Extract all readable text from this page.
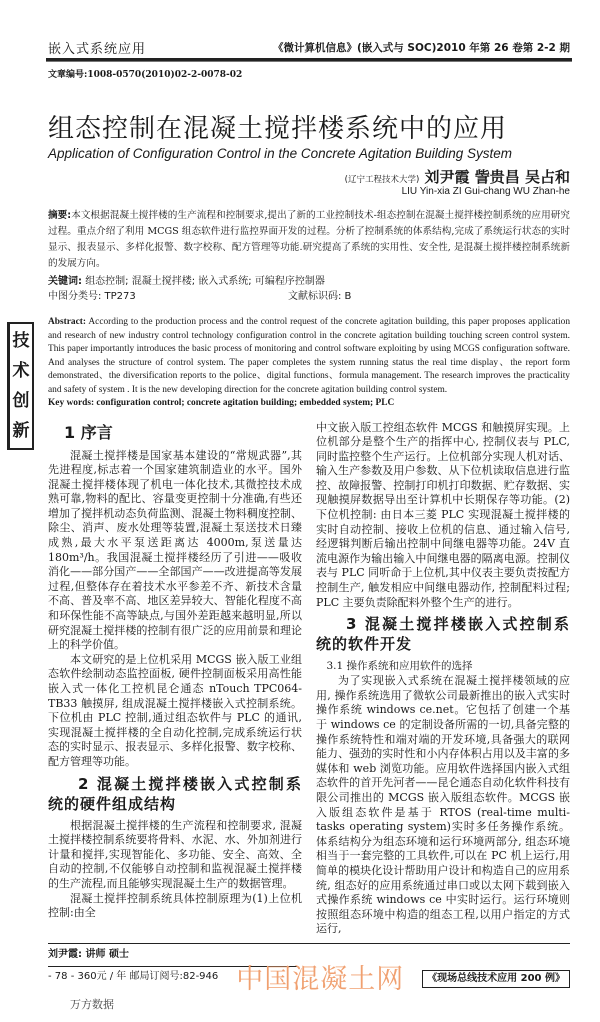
嵌入式系统应用	《微计算机信息》(嵌入式与 SOC)2010 年第 26 卷第 2-2 期
文章编号:1008-0570(2010)02-2-0078-02
组态控制在混凝土搅拌楼系统中的应用
Application of Configuration Control in the Concrete Agitation Building System
(辽宁工程技术大学) 刘尹霞 訾贵昌 吴占和
LIU Yin-xia ZI Gui-chang WU Zhan-he
技
术
创
新
摘要:本文根据混凝土搅拌楼的生产流程和控制要求,提出了新的工业控制技术-组态控制在混凝土搅拌楼控制系统的应用研究过程。重点介绍了利用 MCGS 组态软件进行监控界面开发的过程。分析了控制系统的体系结构,完成了系统运行状态的实时显示、报表显示、多样化报警、数字校称、配方管理等功能.研究提高了系统的实用性、安全性, 是混凝土搅拌楼控制系统新的发展方向。
关键词: 组态控制; 混凝土搅拌楼; 嵌入式系统; 可编程序控制器
中图分类号: TP273	文献标识码: B
Abstract: According to the production process and the control request of the concrete agitation building, this paper proposes application and research of new industry control technology configuration control in the concrete agitation building touching screen control system. This paper importantly introduces the basic process of monitoring and control software exploiting by using MCGS configuration software. And analyses the structure of control system. The paper completes the system running status the real time display、the report form demonstrated、the diversification reports to the police、digital functions、formula management. The research improves the practicality and safety of system . It is the new developing direction for the concrete agitation building control system.
Key words: configuration control; concrete agitation building; embedded system; PLC
1 序言

混凝土搅拌楼是国家基本建设的“常规武器”,其先进程度,标志着一个国家建筑制造业的水平。国外混凝土搅拌楼体现了机电一体化技术,其微控技术成熟可靠,物料的配比、容量变更控制十分准确,有些还增加了搅拌机动态负荷监测、混凝土物料稠度控制、除尘、消声、废水处理等装置,混凝土泵送技术日臻成熟,最大水平泵送距离达 4000m,泵送量达 180m³/h。我国混凝土搅拌楼经历了引进——吸收消化——部分国产——全部国产——改进提高等发展过程,但整体存在着技术水平参差不齐、新技术含量不高、普及率不高、地区差异较大、智能化程度不高和环保性能不高等缺点,与国外差距越来越明显,所以研究混凝土搅拌楼的控制有很广泛的应用前景和理论上的科学价值。

本文研究的是上位机采用 MCGS 嵌入版工业组态软件绘制动态监控面板, 硬件控制面板采用高性能嵌入式一体化工控机昆仑通态 nTouch TPC064-TB33 触摸屏, 组成混凝土搅拌楼嵌入式控制系统。下位机由 PLC 控制,通过组态软件与 PLC 的通讯,实现混凝土搅拌楼的全自动化控制,完成系统运行状态的实时显示、报表显示、多样化报警、数字校称、配方管理等功能。

2 混凝土搅拌楼嵌入式控制系统的硬件组成结构

根据混凝土搅拌楼的生产流程和控制要求, 混凝土搅拌楼控制系统要将骨料、水泥、水、外加剂进行计量和搅拌,实现智能化、多功能、安全、高效、全自动的控制,不仅能够自动控制和监视混凝土搅拌楼的生产流程,而且能够实现混凝土生产的数据管理。

混凝土搅拌控制系统具体控制原理为(1)上位机控制:由全

中文嵌入版工控组态软件 MCGS 和触摸屏实现。上位机部分是整个生产的指挥中心, 控制仪表与 PLC, 同时监控整个生产运行。上位机部分实现人机对话、输入生产参数及用户参数、从下位机读取信息进行监控、故障报警、控制打印机打印数据、贮存数据、实现触摸屏数据导出至计算机中长期保存等功能。(2)下位机控制: 由日本三菱 PLC 实现混凝土搅拌楼的实时自动控制、接收上位机的信息、通过输入信号,经逻辑判断后输出控制中间继电器等功能。24V 直流电源作为输出输入中间继电器的隔离电源。控制仪表与 PLC 同听命于上位机,其中仪表主要负责按配方控制生产, 触发相应中间继电器动作, 控制配料过程; PLC 主要负责除配料外整个生产的进行。

3 混凝土搅拌楼嵌入式控制系统的软件开发
3.1 操作系统和应用软件的选择

为了实现嵌入式系统在混凝土搅拌楼领域的应用, 操作系统选用了微软公司最新推出的嵌入式实时操作系统 windows ce.net。它包括了创建一个基于 windows ce 的定制设备所需的一切,具备完整的操作系统特性和端对端的开发环境,具备强大的联网能力、强劲的实时性和小内存体积占用以及丰富的多媒体和 web 浏览功能。应用软件选择国内嵌入式组态软件的首开先河者——昆仑通态自动化软件科技有限公司推出的 MCGS 嵌入版组态软件。MCGS 嵌入版组态软件是基于 RTOS (real-time multi-tasks operating system)实时多任务操作系统。体系结构分为组态环境和运行环境两部分, 组态环境相当于一套完整的工具软件,可以在 PC 机上运行,用简单的模块化设计帮助用户设计和构造自己的应用系统, 组态好的应用系统通过串口或以太网下载到嵌入式操作系统 windows ce 中实时运行。运行环境则按照组态环境中构造的组态工程,以用户指定的方式运行,

刘尹霞: 讲师 硕士
- 78 - 360元 / 年 邮局订阅号:82-946 中国混凝土网	《现场总线技术应用 200 例》
万方数据
